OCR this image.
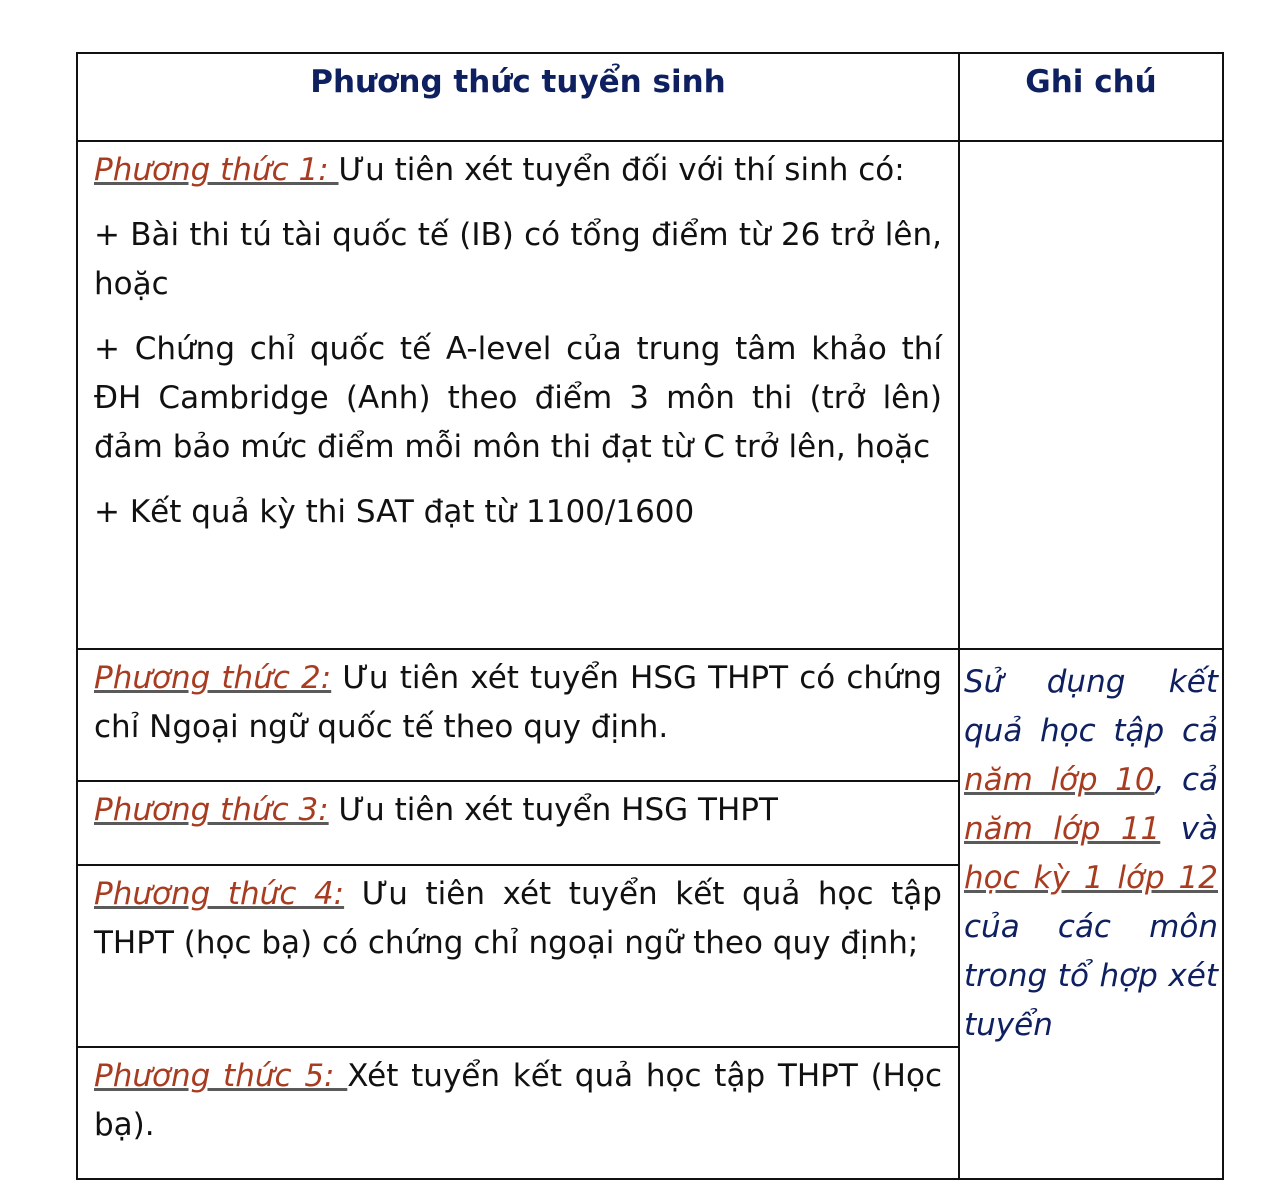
Phương thức tuyển sinh	Ghi chú

Phương thức 1: Ưu tiên xét tuyển đối với thí sinh có:

+ Bài thi tú tài quốc tế (IB) có tổng điểm từ 26 trở lên, hoặc

+ Chứng chỉ quốc tế A-level của trung tâm khảo thí ĐH Cambridge (Anh) theo điểm 3 môn thi (trở lên) đảm bảo mức điểm mỗi môn thi đạt từ C trở lên, hoặc

+ Kết quả kỳ thi SAT đạt từ 1100/1600

Phương thức 2: Ưu tiên xét tuyển HSG THPT có chứng chỉ Ngoại ngữ quốc tế theo quy định.
Phương thức 3: Ưu tiên xét tuyển HSG THPT
Phương thức 4: Ưu tiên xét tuyển kết quả học tập THPT (học bạ) có chứng chỉ ngoại ngữ theo quy định;
Phương thức 5: Xét tuyển kết quả học tập THPT (Học bạ).
Sử dụng kết quả học tập cả năm lớp 10, cả năm lớp 11 và học kỳ 1 lớp 12 của các môn trong tổ hợp xét tuyển
